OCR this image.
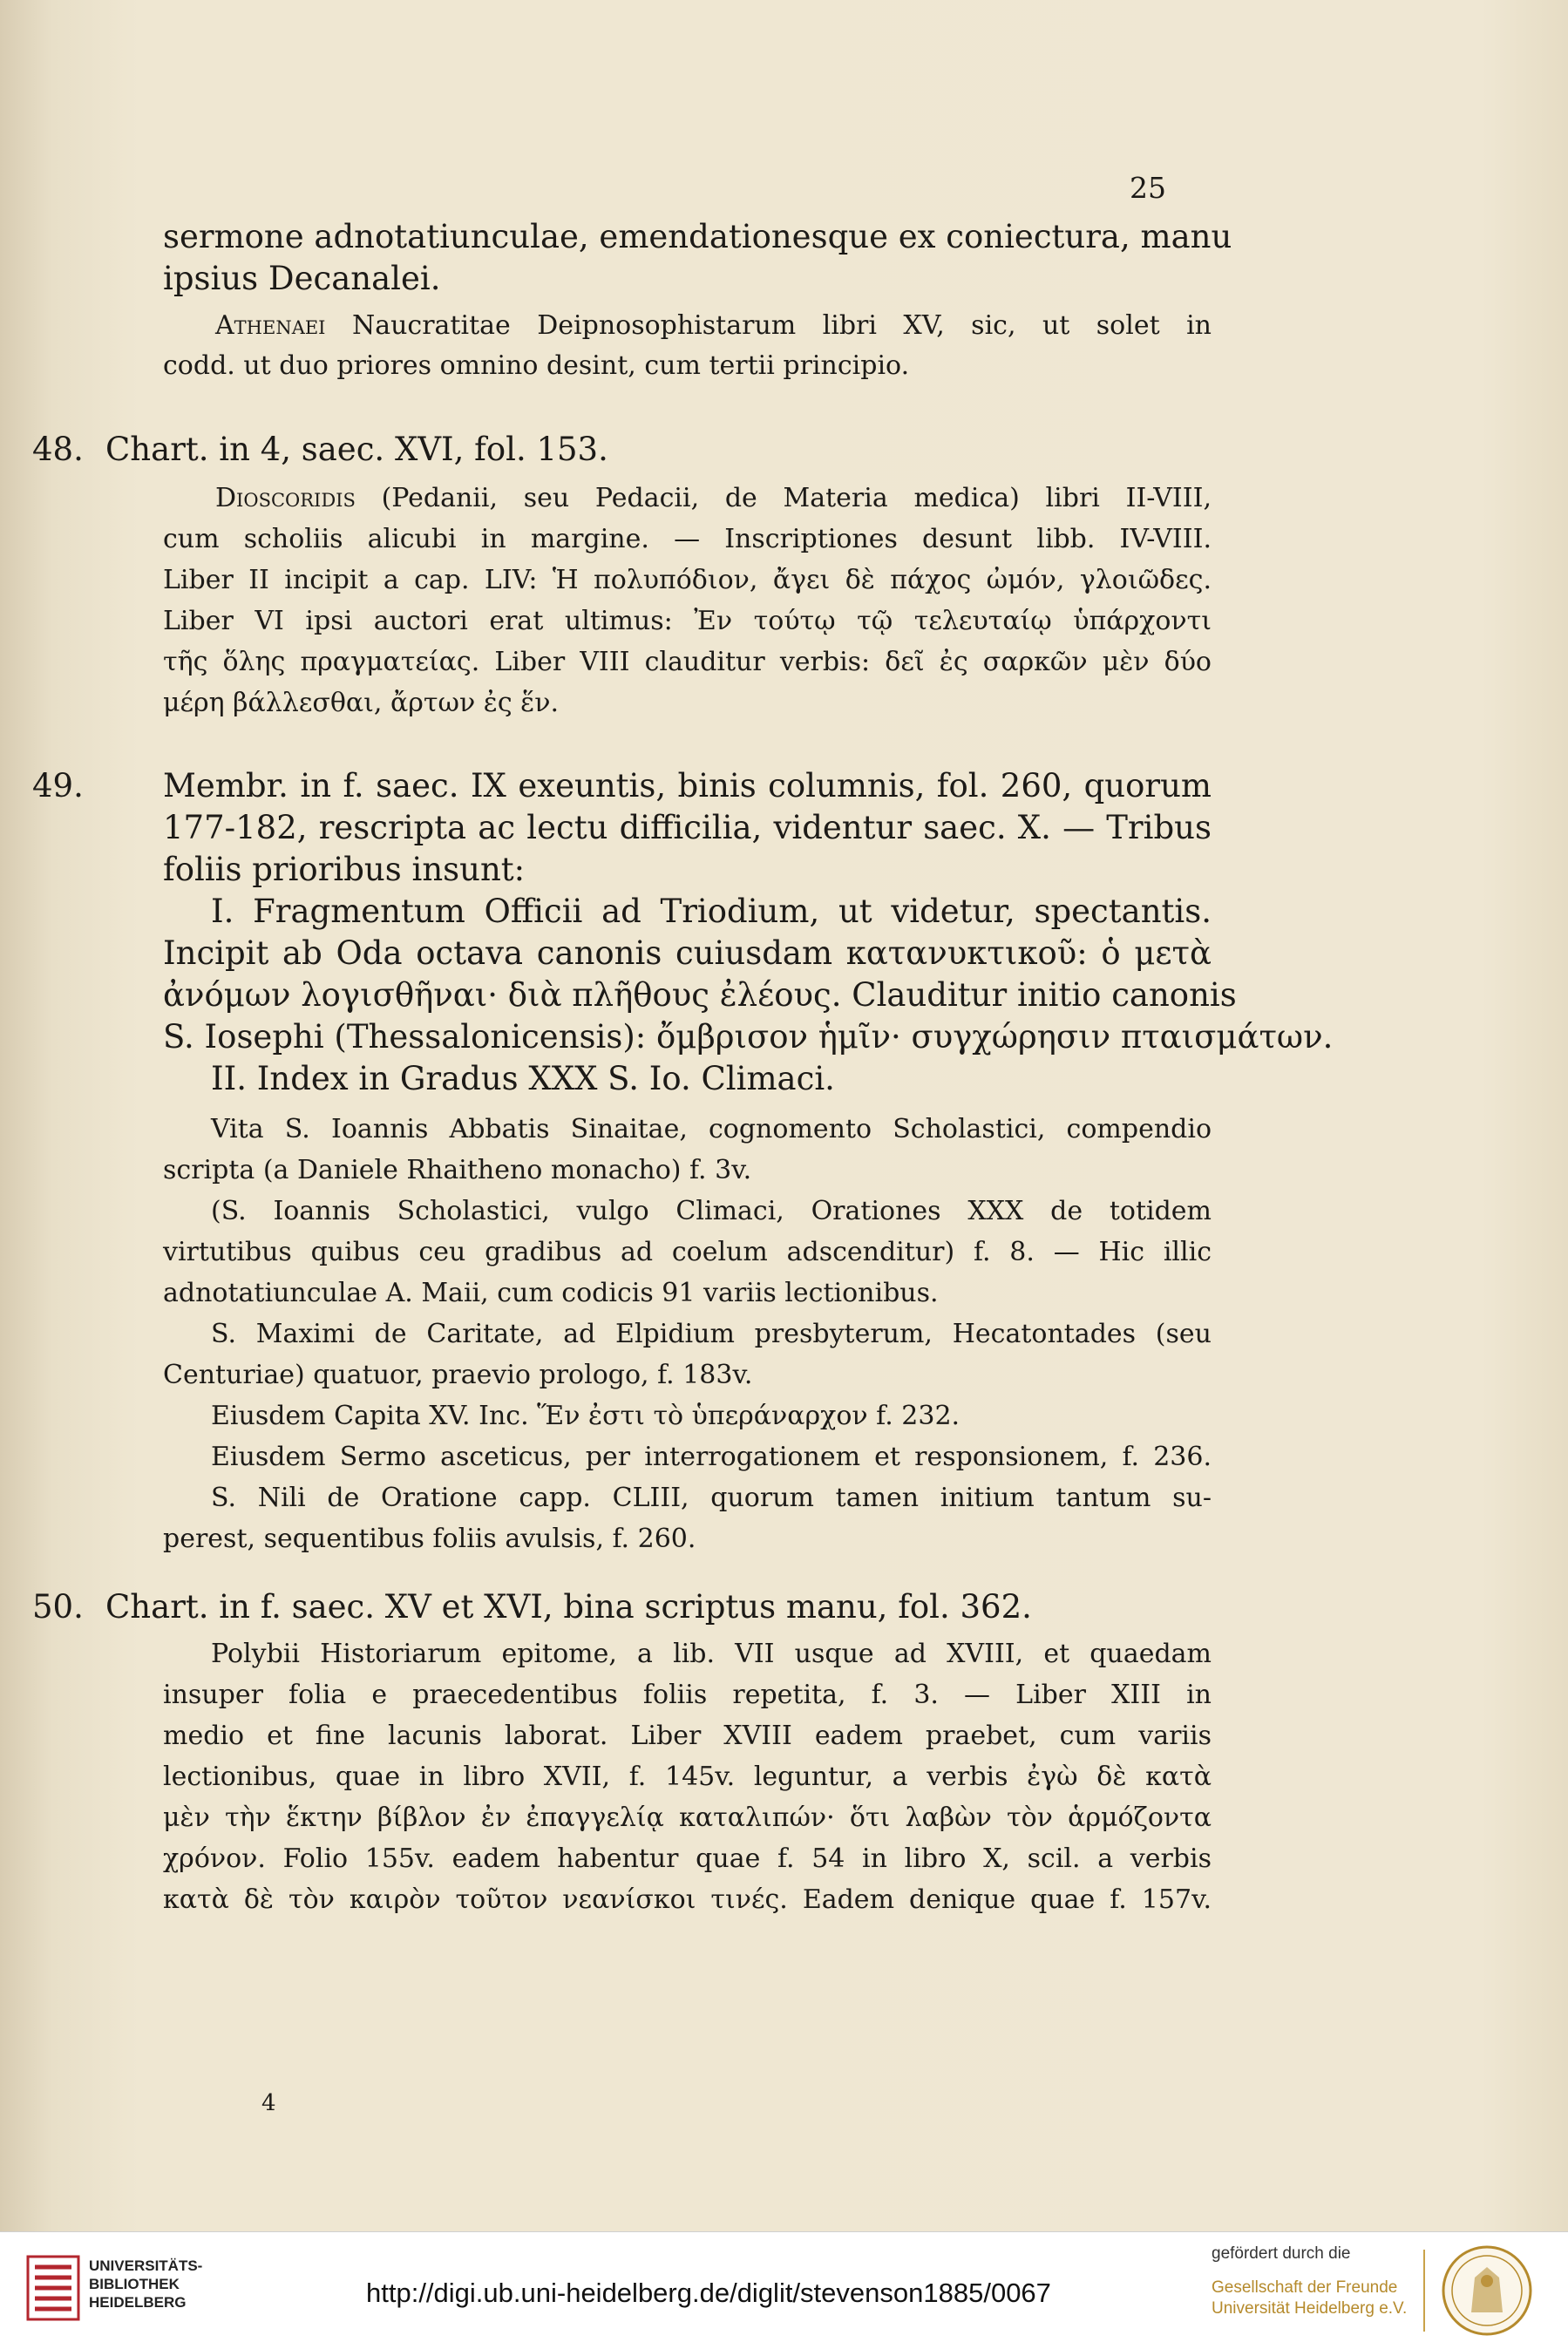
25
sermone adnotatiunculae, emendationesque ex coniectura, manu
ipsius Decanalei.
Athenaei Naucratitae Deipnosophistarum libri XV, sic, ut solet in
codd. ut duo priores omnino desint, cum tertii principio.
48. Chart. in 4, saec. XVI, fol. 153.
Dioscoridis (Pedanii, seu Pedacii, de Materia medica) libri II-VIII,
cum scholiis alicubi in margine. — Inscriptiones desunt libb. IV-VIII.
Liber II incipit a cap. LIV: Ἡ πολυπόδιον, ἄγει δὲ πάχος ὠμόν, γλοιῶδες.
Liber VI ipsi auctori erat ultimus: Ἐν τούτῳ τῷ τελευταίῳ ὑπάρχοντι
τῆς ὅλης πραγματείας. Liber VIII clauditur verbis: δεῖ ἐς σαρκῶν μὲν δύο
μέρη βάλλεσθαι, ἄρτων ἐς ἕν.
49. Membr. in f. saec. IX exeuntis, binis columnis, fol. 260, quorum
177-182, rescripta ac lectu difficilia, videntur saec. X. — Tribus
foliis prioribus insunt:
I. Fragmentum Officii ad Triodium, ut videtur, spectantis.
Incipit ab Oda octava canonis cuiusdam κατανυκτικοῦ: ὁ μετὰ
ἀνόμων λογισθῆναι· διὰ πλῆθους ἐλέους. Clauditur initio canonis
S. Iosephi (Thessalonicensis): ὄμβρισον ἡμῖν· συγχώρησιν πταισμάτων.
II. Index in Gradus XXX S. Io. Climaci.
Vita S. Ioannis Abbatis Sinaitae, cognomento Scholastici, compendio
scripta (a Daniele Rhaitheno monacho) f. 3v.
(S. Ioannis Scholastici, vulgo Climaci, Orationes XXX de totidem
virtutibus quibus ceu gradibus ad coelum adscenditur) f. 8. — Hic illic
adnotatiunculae A. Maii, cum codicis 91 variis lectionibus.
S. Maximi de Caritate, ad Elpidium presbyterum, Hecatontades (seu
Centuriae) quatuor, praevio prologo, f. 183v.
Eiusdem Capita XV. Inc. Ἕν ἐστι τὸ ὑπεράναρχον f. 232.
Eiusdem Sermo asceticus, per interrogationem et responsionem, f. 236.
S. Nili de Oratione capp. CLIII, quorum tamen initium tantum su-
perest, sequentibus foliis avulsis, f. 260.
50. Chart. in f. saec. XV et XVI, bina scriptus manu, fol. 362.
Polybii Historiarum epitome, a lib. VII usque ad XVIII, et quaedam
insuper folia e praecedentibus foliis repetita, f. 3. — Liber XIII in
medio et fine lacunis laborat. Liber XVIII eadem praebet, cum variis
lectionibus, quae in libro XVII, f. 145v. leguntur, a verbis ἐγὼ δὲ κατὰ
μὲν τὴν ἕκτην βίβλον ἐν ἐπαγγελίᾳ καταλιπών· ὅτι λαβὼν τὸν ἁρμόζοντα
χρόνον. Folio 155v. eadem habentur quae f. 54 in libro X, scil. a verbis
κατὰ δὲ τὸν καιρὸν τοῦτον νεανίσκοι τινές. Eadem denique quae f. 157v.
4
UNIVERSITÄTS-
BIBLIOTHEK
HEIDELBERG	http://digi.ub.uni-heidelberg.de/diglit/stevenson1885/0067
gefördert durch die
Gesellschaft der Freunde
Universität Heidelberg e.V.
